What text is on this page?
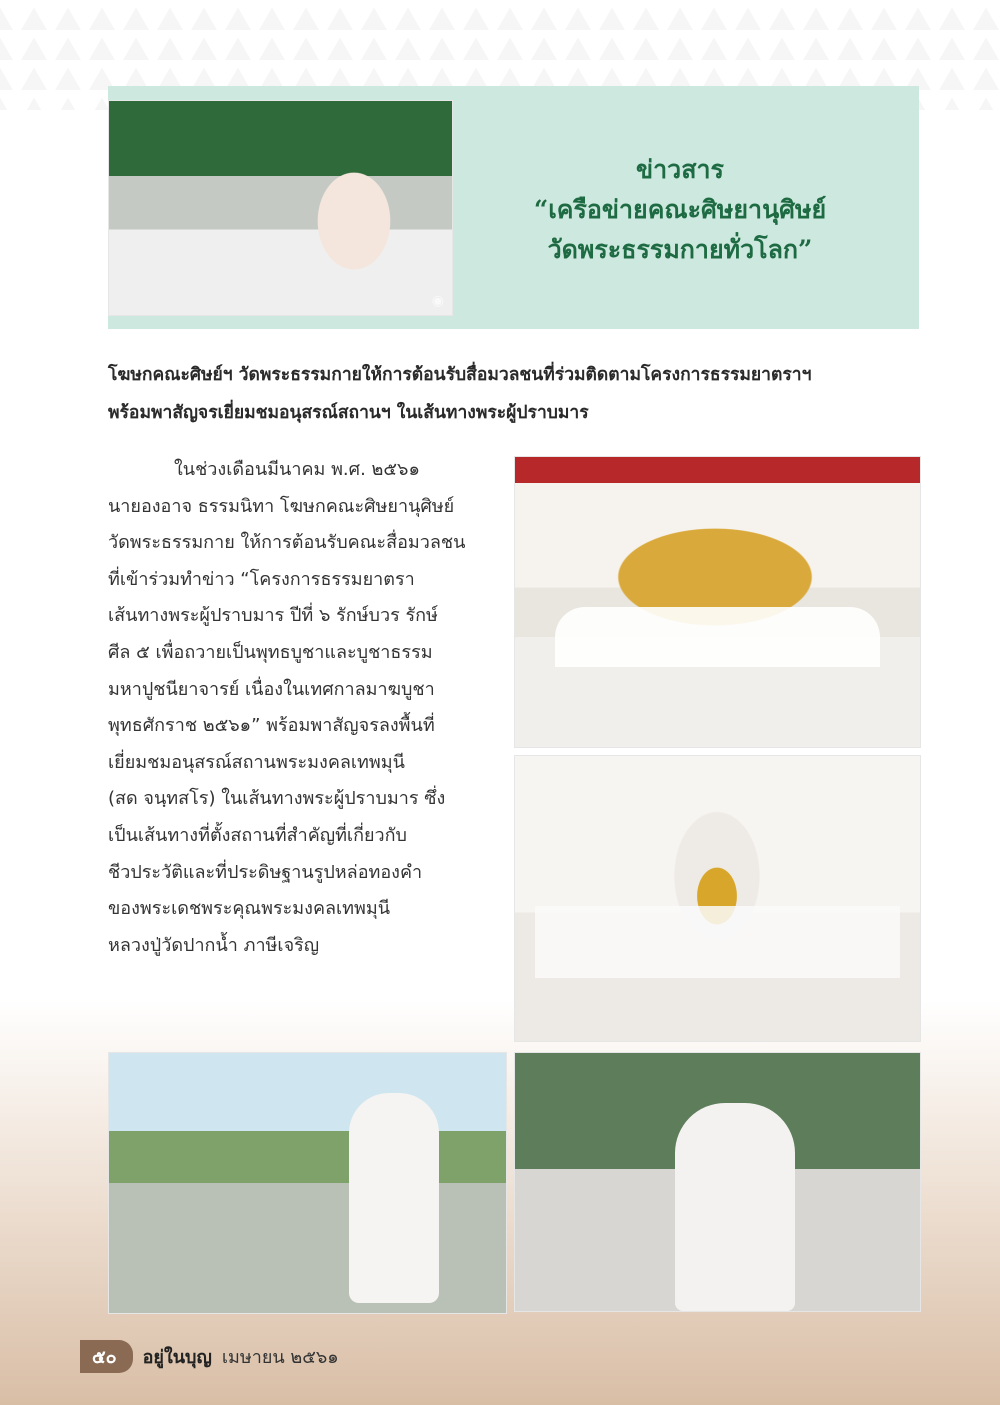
◉
ข่าวสาร
“เครือข่ายคณะศิษยานุศิษย์
วัดพระธรรมกายทั่วโลก”
โฆษกคณะศิษย์ฯ วัดพระธรรมกายให้การต้อนรับสื่อมวลชนที่ร่วมติดตามโครงการธรรมยาตราฯ
พร้อมพาสัญจรเยี่ยมชมอนุสรณ์สถานฯ ในเส้นทางพระผู้ปราบมาร
ในช่วงเดือนมีนาคม พ.ศ. ๒๕๖๑
นายองอาจ ธรรมนิทา โฆษกคณะศิษยานุศิษย์
วัดพระธรรมกาย ให้การต้อนรับคณะสื่อมวลชน
ที่เข้าร่วมทำข่าว “โครงการธรรมยาตรา
เส้นทางพระผู้ปราบมาร ปีที่ ๖ รักษ์บวร รักษ์
ศีล ๕ เพื่อถวายเป็นพุทธบูชาและบูชาธรรม
มหาปูชนียาจารย์ เนื่องในเทศกาลมาฆบูชา
พุทธศักราช ๒๕๖๑” พร้อมพาสัญจรลงพื้นที่
เยี่ยมชมอนุสรณ์สถานพระมงคลเทพมุนี
(สด จนฺทสโร) ในเส้นทางพระผู้ปราบมาร ซึ่ง
เป็นเส้นทางที่ตั้งสถานที่สำคัญที่เกี่ยวกับ
ชีวประวัติและที่ประดิษฐานรูปหล่อทองคำ
ของพระเดชพระคุณพระมงคลเทพมุนี
หลวงปู่วัดปากน้ำ ภาษีเจริญ
๕๐	อยู่ในบุญ เมษายน ๒๕๖๑
